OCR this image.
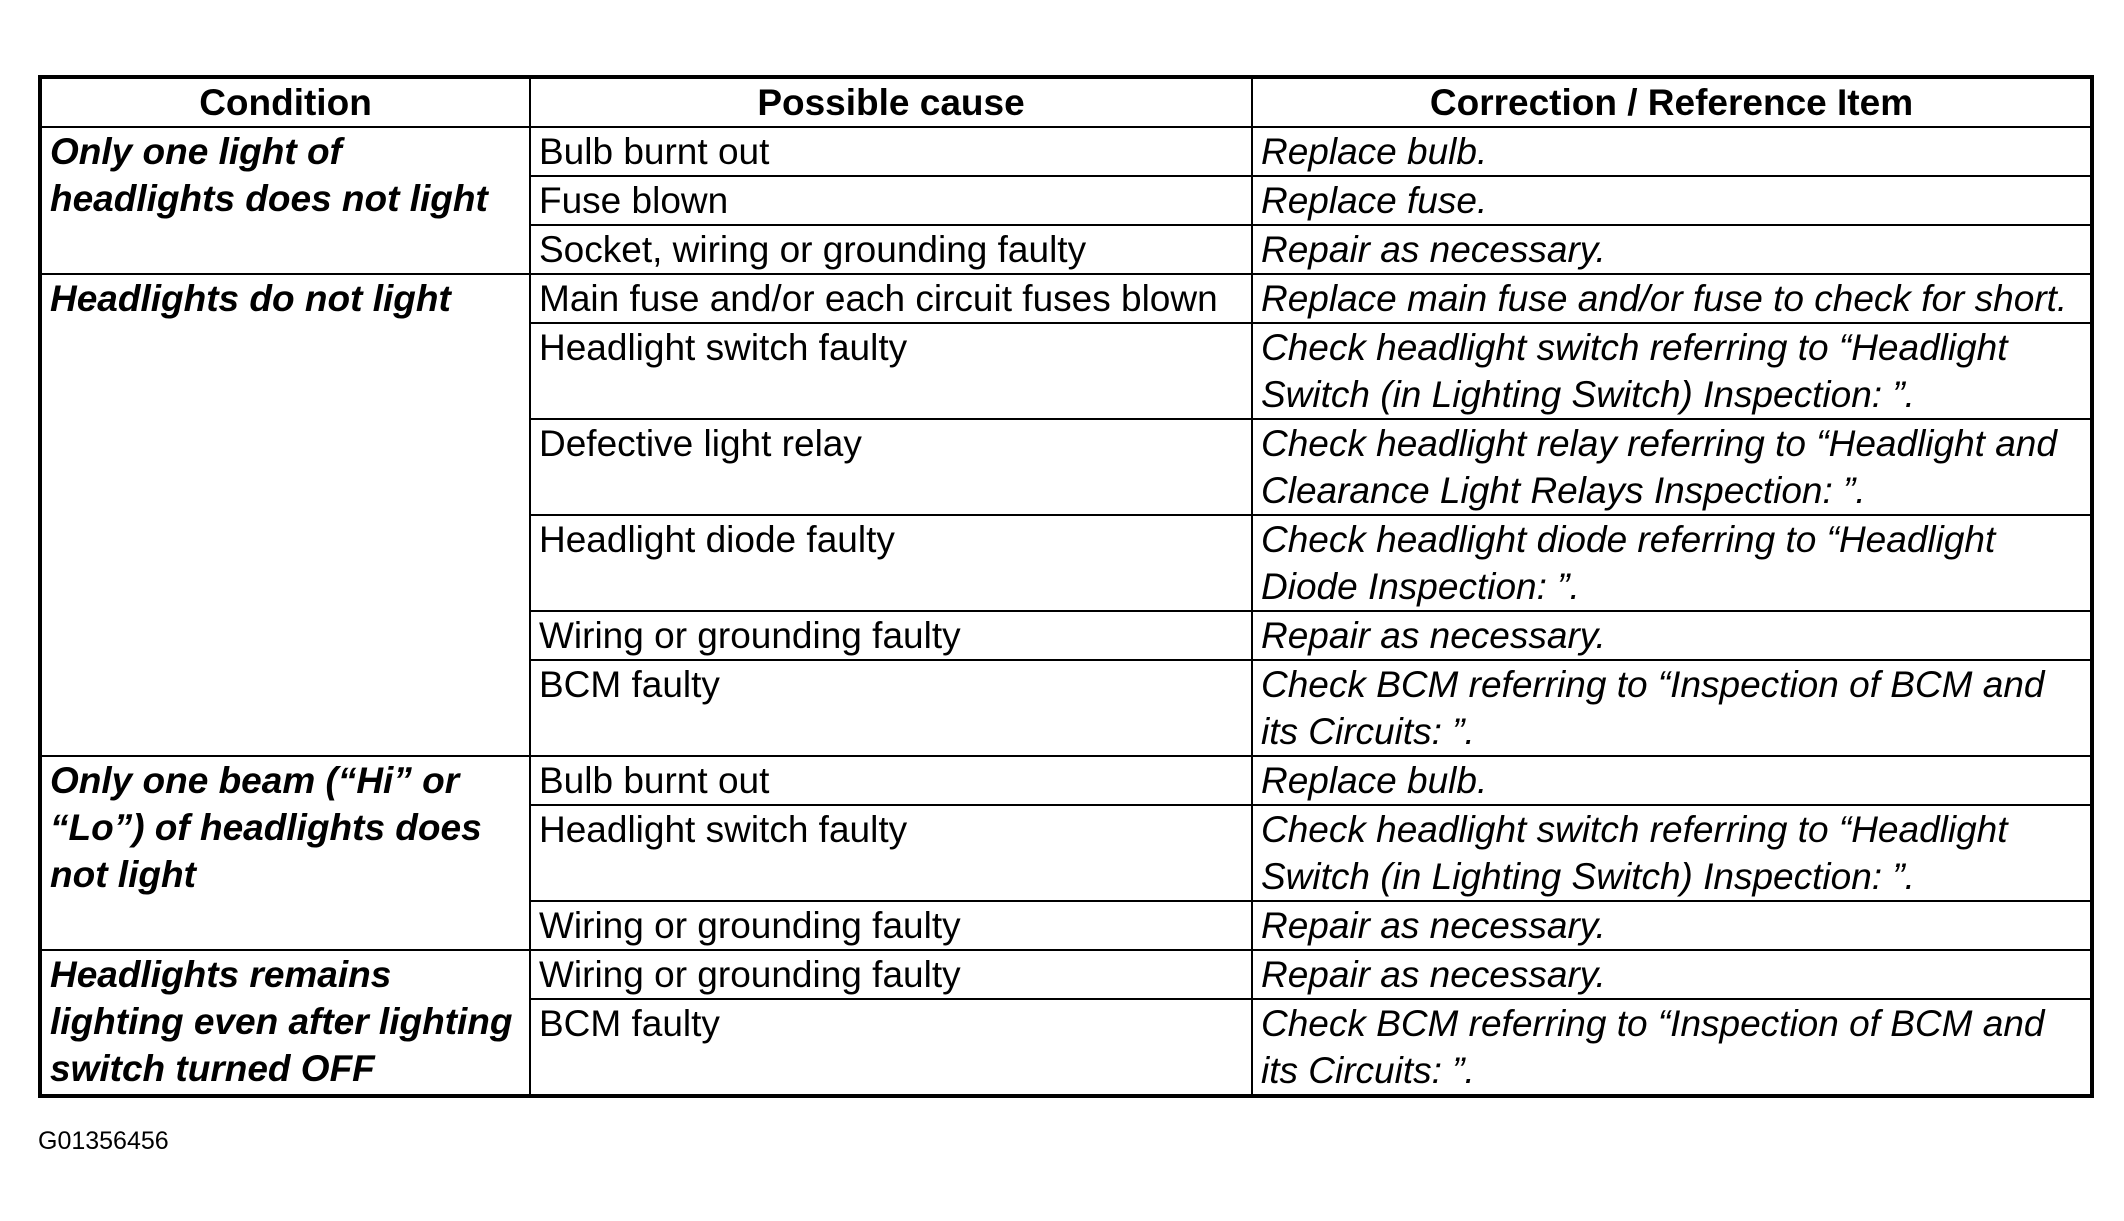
Condition	Possible cause	Correction / Reference Item
Only one light of headlights does not light	Bulb burnt out	Replace bulb.
	Fuse blown	Replace fuse.
	Socket, wiring or grounding faulty	Repair as necessary.
Headlights do not light	Main fuse and/or each circuit fuses blown	Replace main fuse and/or fuse to check for short.
	Headlight switch faulty	Check headlight switch referring to “Headlight Switch (in Lighting Switch) Inspection: ”.
	Defective light relay	Check headlight relay referring to “Headlight and Clearance Light Relays Inspection: ”.
	Headlight diode faulty	Check headlight diode referring to “Headlight Diode Inspection: ”.
	Wiring or grounding faulty	Repair as necessary.
	BCM faulty	Check BCM referring to “Inspection of BCM and its Circuits: ”.
Only one beam (“Hi” or “Lo”) of headlights does not light	Bulb burnt out	Replace bulb.
	Headlight switch faulty	Check headlight switch referring to “Headlight Switch (in Lighting Switch) Inspection: ”.
	Wiring or grounding faulty	Repair as necessary.
Headlights remains lighting even after lighting switch turned OFF	Wiring or grounding faulty	Repair as necessary.
	BCM faulty	Check BCM referring to “Inspection of BCM and its Circuits: ”.
G01356456
